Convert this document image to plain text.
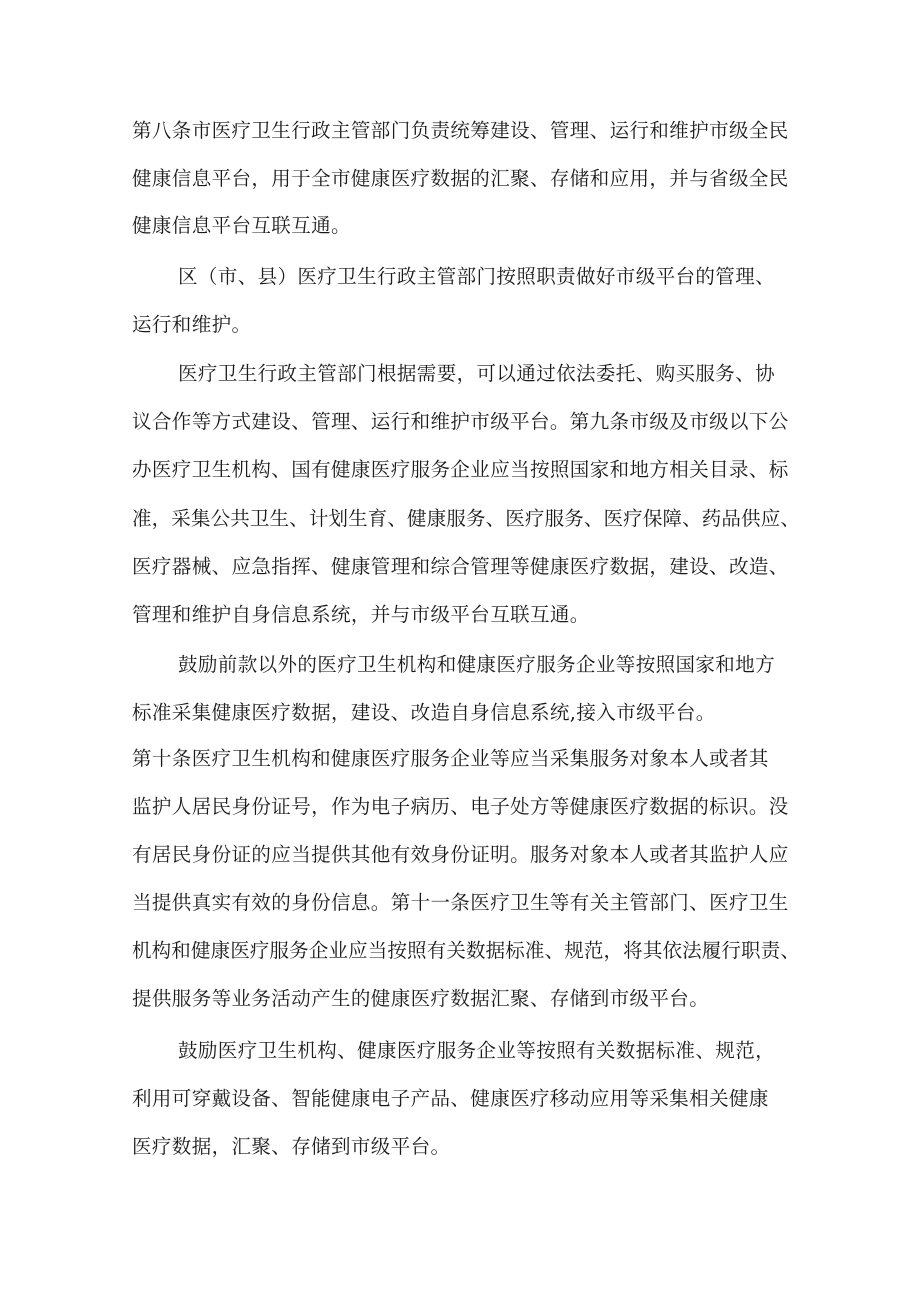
第八条市医疗卫生行政主管部门负责统筹建设、管理、运行和维护市级全民
健康信息平台，用于全市健康医疗数据的汇聚、存储和应用，并与省级全民
健康信息平台互联互通。
区（市、县）医疗卫生行政主管部门按照职责做好市级平台的管理、
运行和维护。
医疗卫生行政主管部门根据需要，可以通过依法委托、购买服务、协
议合作等方式建设、管理、运行和维护市级平台。第九条市级及市级以下公
办医疗卫生机构、国有健康医疗服务企业应当按照国家和地方相关目录、标
准，采集公共卫生、计划生育、健康服务、医疗服务、医疗保障、药品供应、
医疗器械、应急指挥、健康管理和综合管理等健康医疗数据，建设、改造、
管理和维护自身信息系统，并与市级平台互联互通。
鼓励前款以外的医疗卫生机构和健康医疗服务企业等按照国家和地方
标准采集健康医疗数据，建设、改造自身信息系统,接入市级平台。
第十条医疗卫生机构和健康医疗服务企业等应当采集服务对象本人或者其
监护人居民身份证号，作为电子病历、电子处方等健康医疗数据的标识。没
有居民身份证的应当提供其他有效身份证明。服务对象本人或者其监护人应
当提供真实有效的身份信息。第十一条医疗卫生等有关主管部门、医疗卫生
机构和健康医疗服务企业应当按照有关数据标准、规范，将其依法履行职责、
提供服务等业务活动产生的健康医疗数据汇聚、存储到市级平台。
鼓励医疗卫生机构、健康医疗服务企业等按照有关数据标准、规范，
利用可穿戴设备、智能健康电子产品、健康医疗移动应用等采集相关健康
医疗数据，汇聚、存储到市级平台。
